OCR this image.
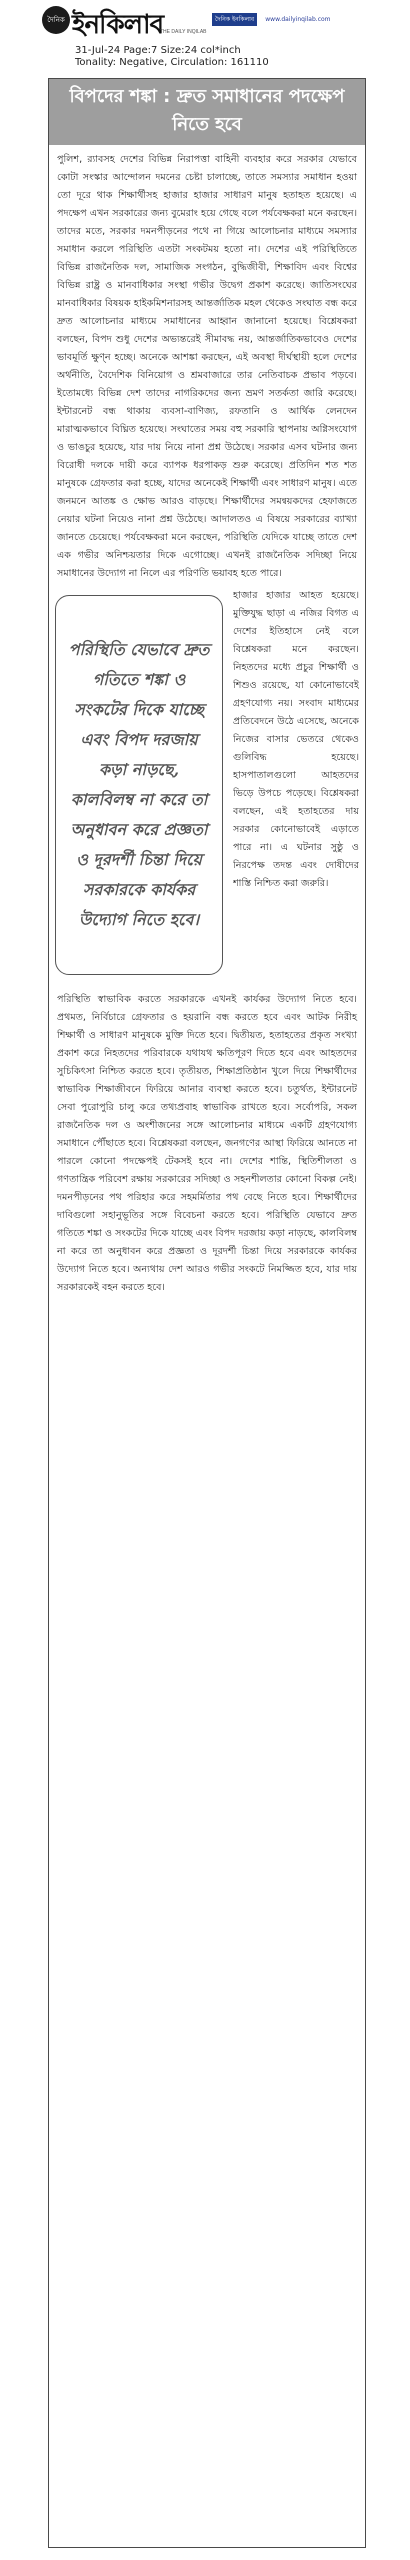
দৈনিক ইনকিলাব
THE DAILY INQILAB
দৈনিক ইনকিলাব www.dailyinqilab.com
31-Jul-24 Page:7 Size:24 col*inch
Tonality: Negative, Circulation: 161110
বিপদের শঙ্কা : দ্রুত সমাধানের পদক্ষেপ নিতে হবে

পুলিশ, র‌্যাবসহ দেশের বিভিন্ন নিরাপত্তা বাহিনী ব্যবহার করে সরকার যেভাবে কোটা সংস্কার আন্দোলন দমনের চেষ্টা চালাচ্ছে, তাতে সমস্যার সমাধান হওয়া তো দূরে থাক শিক্ষার্থীসহ হাজার হাজার সাধারণ মানুষ হতাহত হয়েছে। এ পদক্ষেপ এখন সরকারের জন্য বুমেরাং হয়ে গেছে বলে পর্যবেক্ষকরা মনে করছেন। তাদের মতে, সরকার দমনপীড়নের পথে না গিয়ে আলোচনার মাধ্যমে সমস্যার সমাধান করলে পরিস্থিতি এতটা সংকটময় হতো না। দেশের এই পরিস্থিতিতে বিভিন্ন রাজনৈতিক দল, সামাজিক সংগঠন, বুদ্ধিজীবী, শিক্ষাবিদ এবং বিশ্বের বিভিন্ন রাষ্ট্র ও মানবাধিকার সংস্থা গভীর উদ্বেগ প্রকাশ করেছে। জাতিসংঘের মানবাধিকার বিষয়ক হাইকমিশনারসহ আন্তর্জাতিক মহল থেকেও সংঘাত বন্ধ করে দ্রুত আলোচনার মাধ্যমে সমাধানের আহ্বান জানানো হয়েছে। বিশ্লেষকরা বলছেন, বিপদ শুধু দেশের অভ্যন্তরেই সীমাবদ্ধ নয়, আন্তর্জাতিকভাবেও দেশের ভাবমূর্তি ক্ষুণ্ন হচ্ছে। অনেকে আশঙ্কা করছেন, এই অবস্থা দীর্ঘস্থায়ী হলে দেশের অর্থনীতি, বৈদেশিক বিনিয়োগ ও শ্রমবাজারে তার নেতিবাচক প্রভাব পড়বে। ইতোমধ্যে বিভিন্ন দেশ তাদের নাগরিকদের জন্য ভ্রমণ সতর্কতা জারি করেছে। ইন্টারনেট বন্ধ থাকায় ব্যবসা-বাণিজ্য, রফতানি ও আর্থিক লেনদেন মারাত্মকভাবে বিঘ্নিত হয়েছে। সংঘাতের সময় বহু সরকারি স্থাপনায় অগ্নিসংযোগ ও ভাঙচুর হয়েছে, যার দায় নিয়ে নানা প্রশ্ন উঠেছে। সরকার এসব ঘটনার জন্য বিরোধী দলকে দায়ী করে ব্যাপক ধরপাকড় শুরু করেছে। প্রতিদিন শত শত মানুষকে গ্রেফতার করা হচ্ছে, যাদের অনেকেই শিক্ষার্থী এবং সাধারণ মানুষ। এতে জনমনে আতঙ্ক ও ক্ষোভ আরও বাড়ছে। শিক্ষার্থীদের সমন্বয়কদের হেফাজতে নেয়ার ঘটনা নিয়েও নানা প্রশ্ন উঠেছে। আদালতও এ বিষয়ে সরকারের ব্যাখ্যা জানতে চেয়েছে। পর্যবেক্ষকরা মনে করছেন, পরিস্থিতি যেদিকে যাচ্ছে তাতে দেশ এক গভীর অনিশ্চয়তার দিকে এগোচ্ছে। এখনই রাজনৈতিক সদিচ্ছা নিয়ে সমাধানের উদ্যোগ না নিলে এর পরিণতি ভয়াবহ হতে পারে।

পরিস্থিতি যেভাবে দ্রুত গতিতে শঙ্কা ও সংকটের দিকে যাচ্ছে এবং বিপদ দরজায় কড়া নাড়ছে, কালবিলম্ব না করে তা অনুধাবন করে প্রজ্ঞতা ও দূরদর্শী চিন্তা দিয়ে সরকারকে কার্যকর উদ্যোগ নিতে হবে।
হাজার হাজার আহত হয়েছে। মুক্তিযুদ্ধ ছাড়া এ নজির বিগত এ দেশের ইতিহাসে নেই বলে বিশ্লেষকরা মনে করছেন। নিহতদের মধ্যে প্রচুর শিক্ষার্থী ও শিশুও রয়েছে, যা কোনোভাবেই গ্রহণযোগ্য নয়। সংবাদ মাধ্যমের প্রতিবেদনে উঠে এসেছে, অনেকে নিজের বাসার ভেতরে থেকেও গুলিবিদ্ধ হয়েছে। হাসপাতালগুলো আহতদের ভিড়ে উপচে পড়েছে। বিশ্লেষকরা বলছেন, এই হতাহতের দায় সরকার কোনোভাবেই এড়াতে পারে না। এ ঘটনার সুষ্ঠু ও নিরপেক্ষ তদন্ত এবং দোষীদের শাস্তি নিশ্চিত করা জরুরি।

পরিস্থিতি স্বাভাবিক করতে সরকারকে এখনই কার্যকর উদ্যোগ নিতে হবে। প্রথমত, নির্বিচারে গ্রেফতার ও হয়রানি বন্ধ করতে হবে এবং আটক নিরীহ শিক্ষার্থী ও সাধারণ মানুষকে মুক্তি দিতে হবে। দ্বিতীয়ত, হতাহতের প্রকৃত সংখ্যা প্রকাশ করে নিহতদের পরিবারকে যথাযথ ক্ষতিপূরণ দিতে হবে এবং আহতদের সুচিকিৎসা নিশ্চিত করতে হবে। তৃতীয়ত, শিক্ষাপ্রতিষ্ঠান খুলে দিয়ে শিক্ষার্থীদের স্বাভাবিক শিক্ষাজীবনে ফিরিয়ে আনার ব্যবস্থা করতে হবে। চতুর্থত, ইন্টারনেট সেবা পুরোপুরি চালু করে তথ্যপ্রবাহ স্বাভাবিক রাখতে হবে। সর্বোপরি, সকল রাজনৈতিক দল ও অংশীজনের সঙ্গে আলোচনার মাধ্যমে একটি গ্রহণযোগ্য সমাধানে পৌঁছাতে হবে। বিশ্লেষকরা বলছেন, জনগণের আস্থা ফিরিয়ে আনতে না পারলে কোনো পদক্ষেপই টেকসই হবে না। দেশের শান্তি, স্থিতিশীলতা ও গণতান্ত্রিক পরিবেশ রক্ষায় সরকারের সদিচ্ছা ও সহনশীলতার কোনো বিকল্প নেই। দমনপীড়নের পথ পরিহার করে সহমর্মিতার পথ বেছে নিতে হবে। শিক্ষার্থীদের দাবিগুলো সহানুভূতির সঙ্গে বিবেচনা করতে হবে। পরিস্থিতি যেভাবে দ্রুত গতিতে শঙ্কা ও সংকটের দিকে যাচ্ছে এবং বিপদ দরজায় কড়া নাড়ছে, কালবিলম্ব না করে তা অনুধাবন করে প্রজ্ঞতা ও দূরদর্শী চিন্তা দিয়ে সরকারকে কার্যকর উদ্যোগ নিতে হবে। অন্যথায় দেশ আরও গভীর সংকটে নিমজ্জিত হবে, যার দায় সরকারকেই বহন করতে হবে।
